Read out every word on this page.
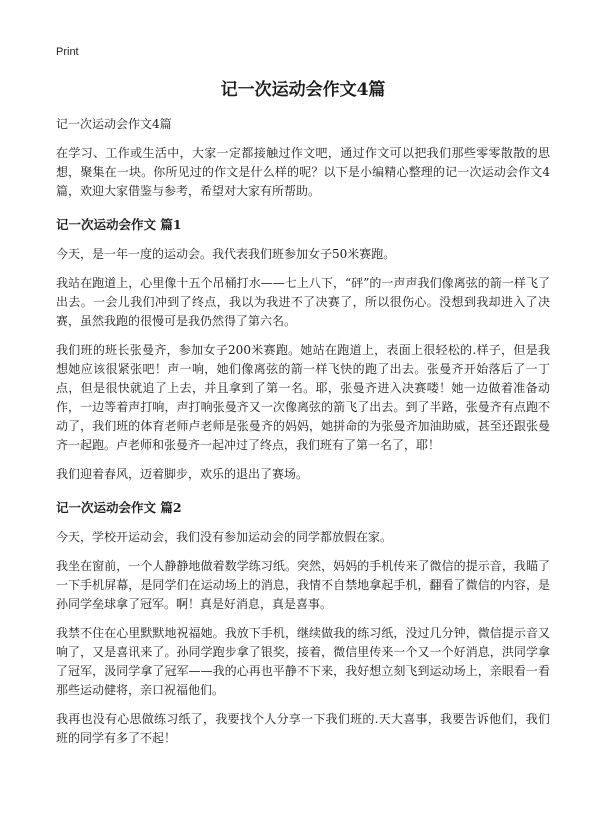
Print
记一次运动会作文4篇
记一次运动会作文4篇

在学习、工作或生活中，大家一定都接触过作文吧，通过作文可以把我们那些零零散散的思想，聚集在一块。你所见过的作文是什么样的呢？以下是小编精心整理的记一次运动会作文4篇，欢迎大家借鉴与参考，希望对大家有所帮助。

记一次运动会作文 篇1

今天，是一年一度的运动会。我代表我们班参加女子50米赛跑。

我站在跑道上，心里像十五个吊桶打水——七上八下，“砰”的一声声我们像离弦的箭一样飞了出去。一会儿我们冲到了终点，我以为我进不了决赛了，所以很伤心。没想到我却进入了决赛，虽然我跑的很慢可是我仍然得了第六名。

我们班的班长张曼齐，参加女子200米赛跑。她站在跑道上，表面上很轻松的.样子，但是我想她应该很紧张吧！声一响，她们像离弦的箭一样飞快的跑了出去。张曼齐开始落后了一丁点，但是很快就追了上去，并且拿到了第一名。耶，张曼齐进入决赛喽！她一边做着准备动作，一边等着声打响，声打响张曼齐又一次像离弦的箭飞了出去。到了半路，张曼齐有点跑不动了，我们班的体育老师卢老师是张曼齐的妈妈，她拼命的为张曼齐加油助威，甚至还跟张曼齐一起跑。卢老师和张曼齐一起冲过了终点，我们班有了第一名了，耶！

我们迎着春风，迈着脚步，欢乐的退出了赛场。

记一次运动会作文 篇2

今天，学校开运动会，我们没有参加运动会的同学都放假在家。

我坐在窗前，一个人静静地做着数学练习纸。突然，妈妈的手机传来了微信的提示音，我瞄了一下手机屏幕，是同学们在运动场上的消息，我情不自禁地拿起手机，翻看了微信的内容，是孙同学垒球拿了冠军。啊！真是好消息，真是喜事。

我禁不住在心里默默地祝福她。我放下手机，继续做我的练习纸，没过几分钟，微信提示音又响了，又是喜讯来了。孙同学跑步拿了银奖，接着，微信里传来一个又一个好消息，洪同学拿了冠军，汲同学拿了冠军——我的心再也平静不下来，我好想立刻飞到运动场上，亲眼看一看那些运动健将，亲口祝福他们。

我再也没有心思做练习纸了，我要找个人分享一下我们班的.天大喜事，我要告诉他们，我们班的同学有多了不起！
